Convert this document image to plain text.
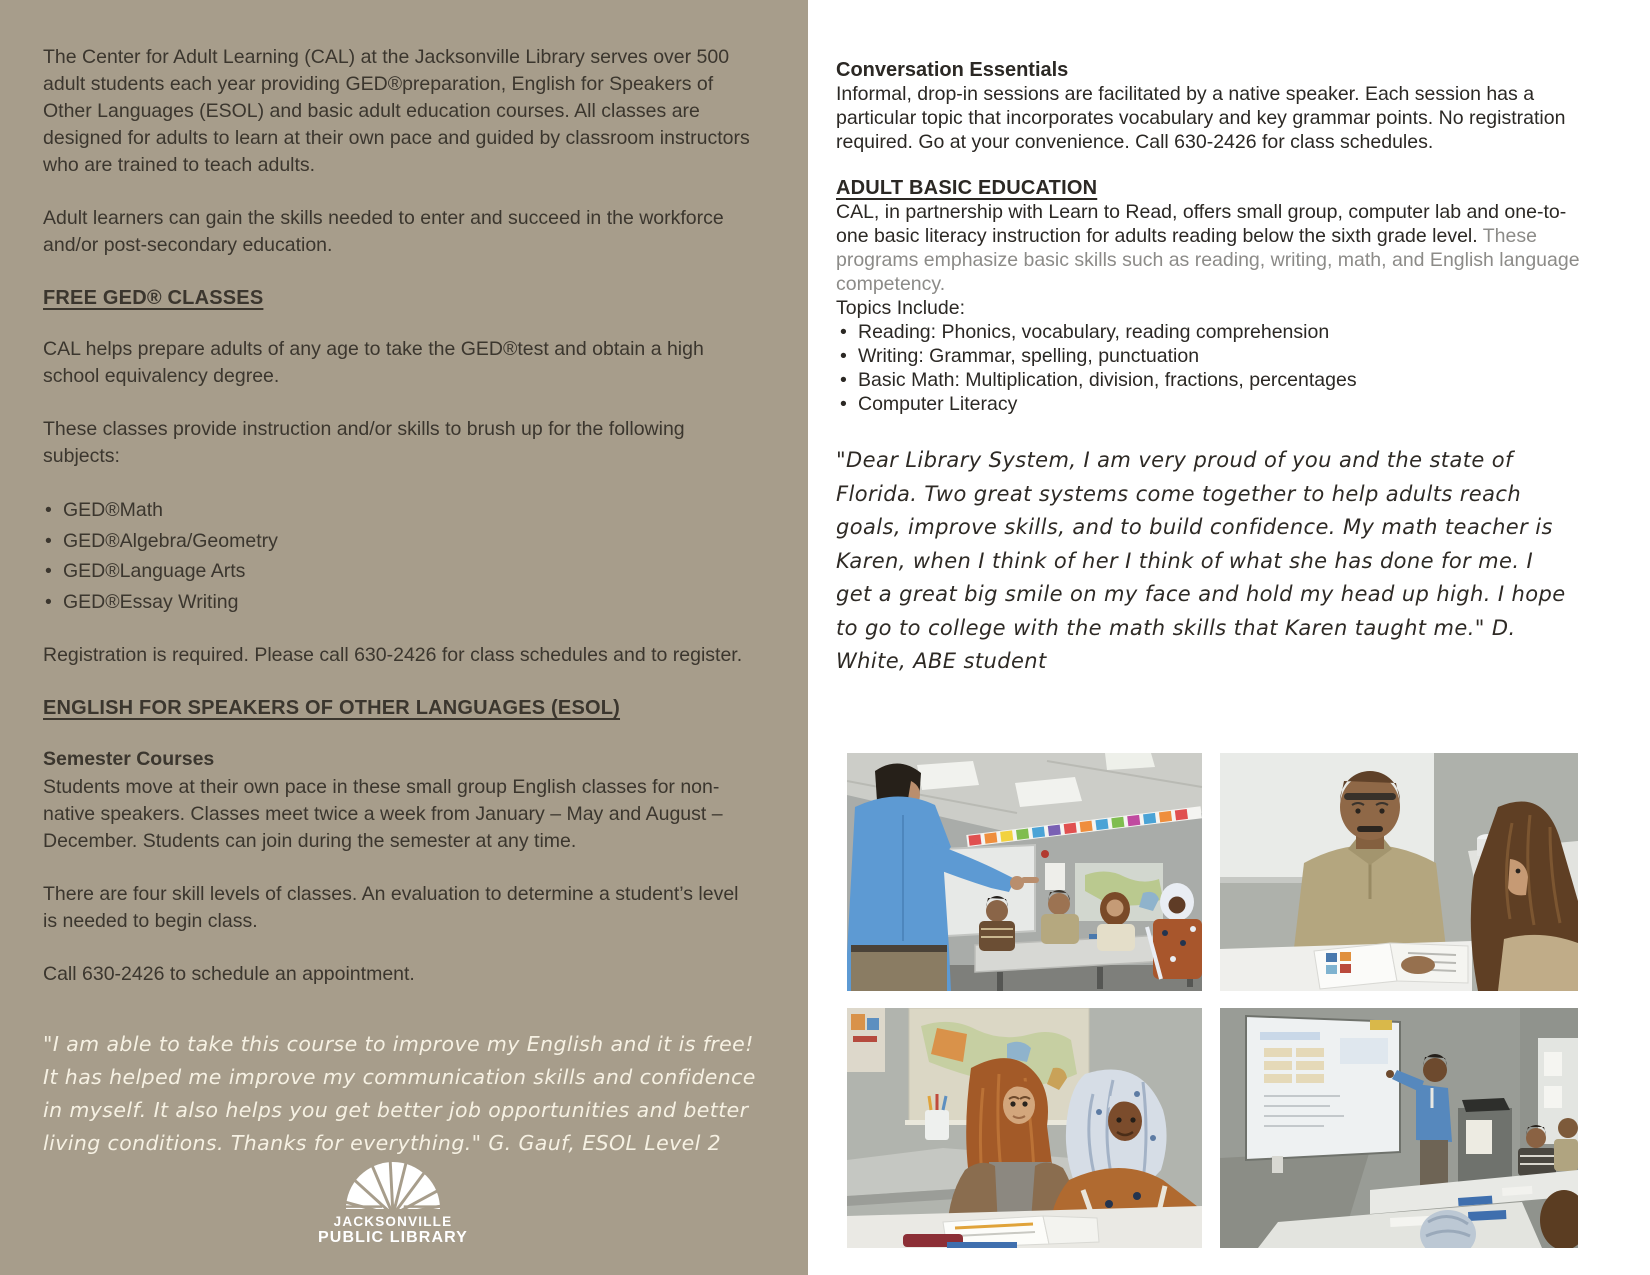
The Center for Adult Learning (CAL) at the Jacksonville Library serves over 500 adult students each year providing GED®preparation, English for Speakers of Other Languages (ESOL) and basic adult education courses. All classes are designed for adults to learn at their own pace and guided by classroom instructors who are trained to teach adults.

Adult learners can gain the skills needed to enter and succeed in the workforce and/or post-secondary education.

FREE GED® CLASSES

CAL helps prepare adults of any age to take the GED®test and obtain a high school equivalency degree.

These classes provide instruction and/or skills to brush up for the following subjects:

• GED®Math
• GED®Algebra/Geometry
• GED®Language Arts
• GED®Essay Writing

Registration is required. Please call 630-2426 for class schedules and to register.

ENGLISH FOR SPEAKERS OF OTHER LANGUAGES (ESOL)
Semester Courses

Students move at their own pace in these small group English classes for non-native speakers. Classes meet twice a week from January – May and August – December. Students can join during the semester at any time.

There are four skill levels of classes. An evaluation to determine a student’s level is needed to begin class.

Call 630-2426 to schedule an appointment.

"I am able to take this course to improve my English and it is free! It has helped me improve my communication skills and confidence in myself. It also helps you get better job opportunities and better living conditions. Thanks for everything." G. Gauf, ESOL Level 2
JACKSONVILLE
PUBLIC LIBRARY
Conversation Essentials

Informal, drop-in sessions are facilitated by a native speaker. Each session has a particular topic that incorporates vocabulary and key grammar points. No registration required. Go at your convenience. Call 630-2426 for class schedules.

ADULT BASIC EDUCATION

CAL, in partnership with Learn to Read, offers small group, computer lab and one-to-one basic literacy instruction for adults reading below the sixth grade level. These programs emphasize basic skills such as reading, writing, math, and English language competency.

Topics Include:

• Reading: Phonics, vocabulary, reading comprehension
• Writing: Grammar, spelling, punctuation
• Basic Math: Multiplication, division, fractions, percentages
• Computer Literacy
"Dear Library System, I am very proud of you and the state of Florida. Two great systems come together to help adults reach goals, improve skills, and to build confidence. My math teacher is Karen, when I think of her I think of what she has done for me. I get a great big smile on my face and hold my head up high. I hope to go to college with the math skills that Karen taught me." D. White, ABE student
